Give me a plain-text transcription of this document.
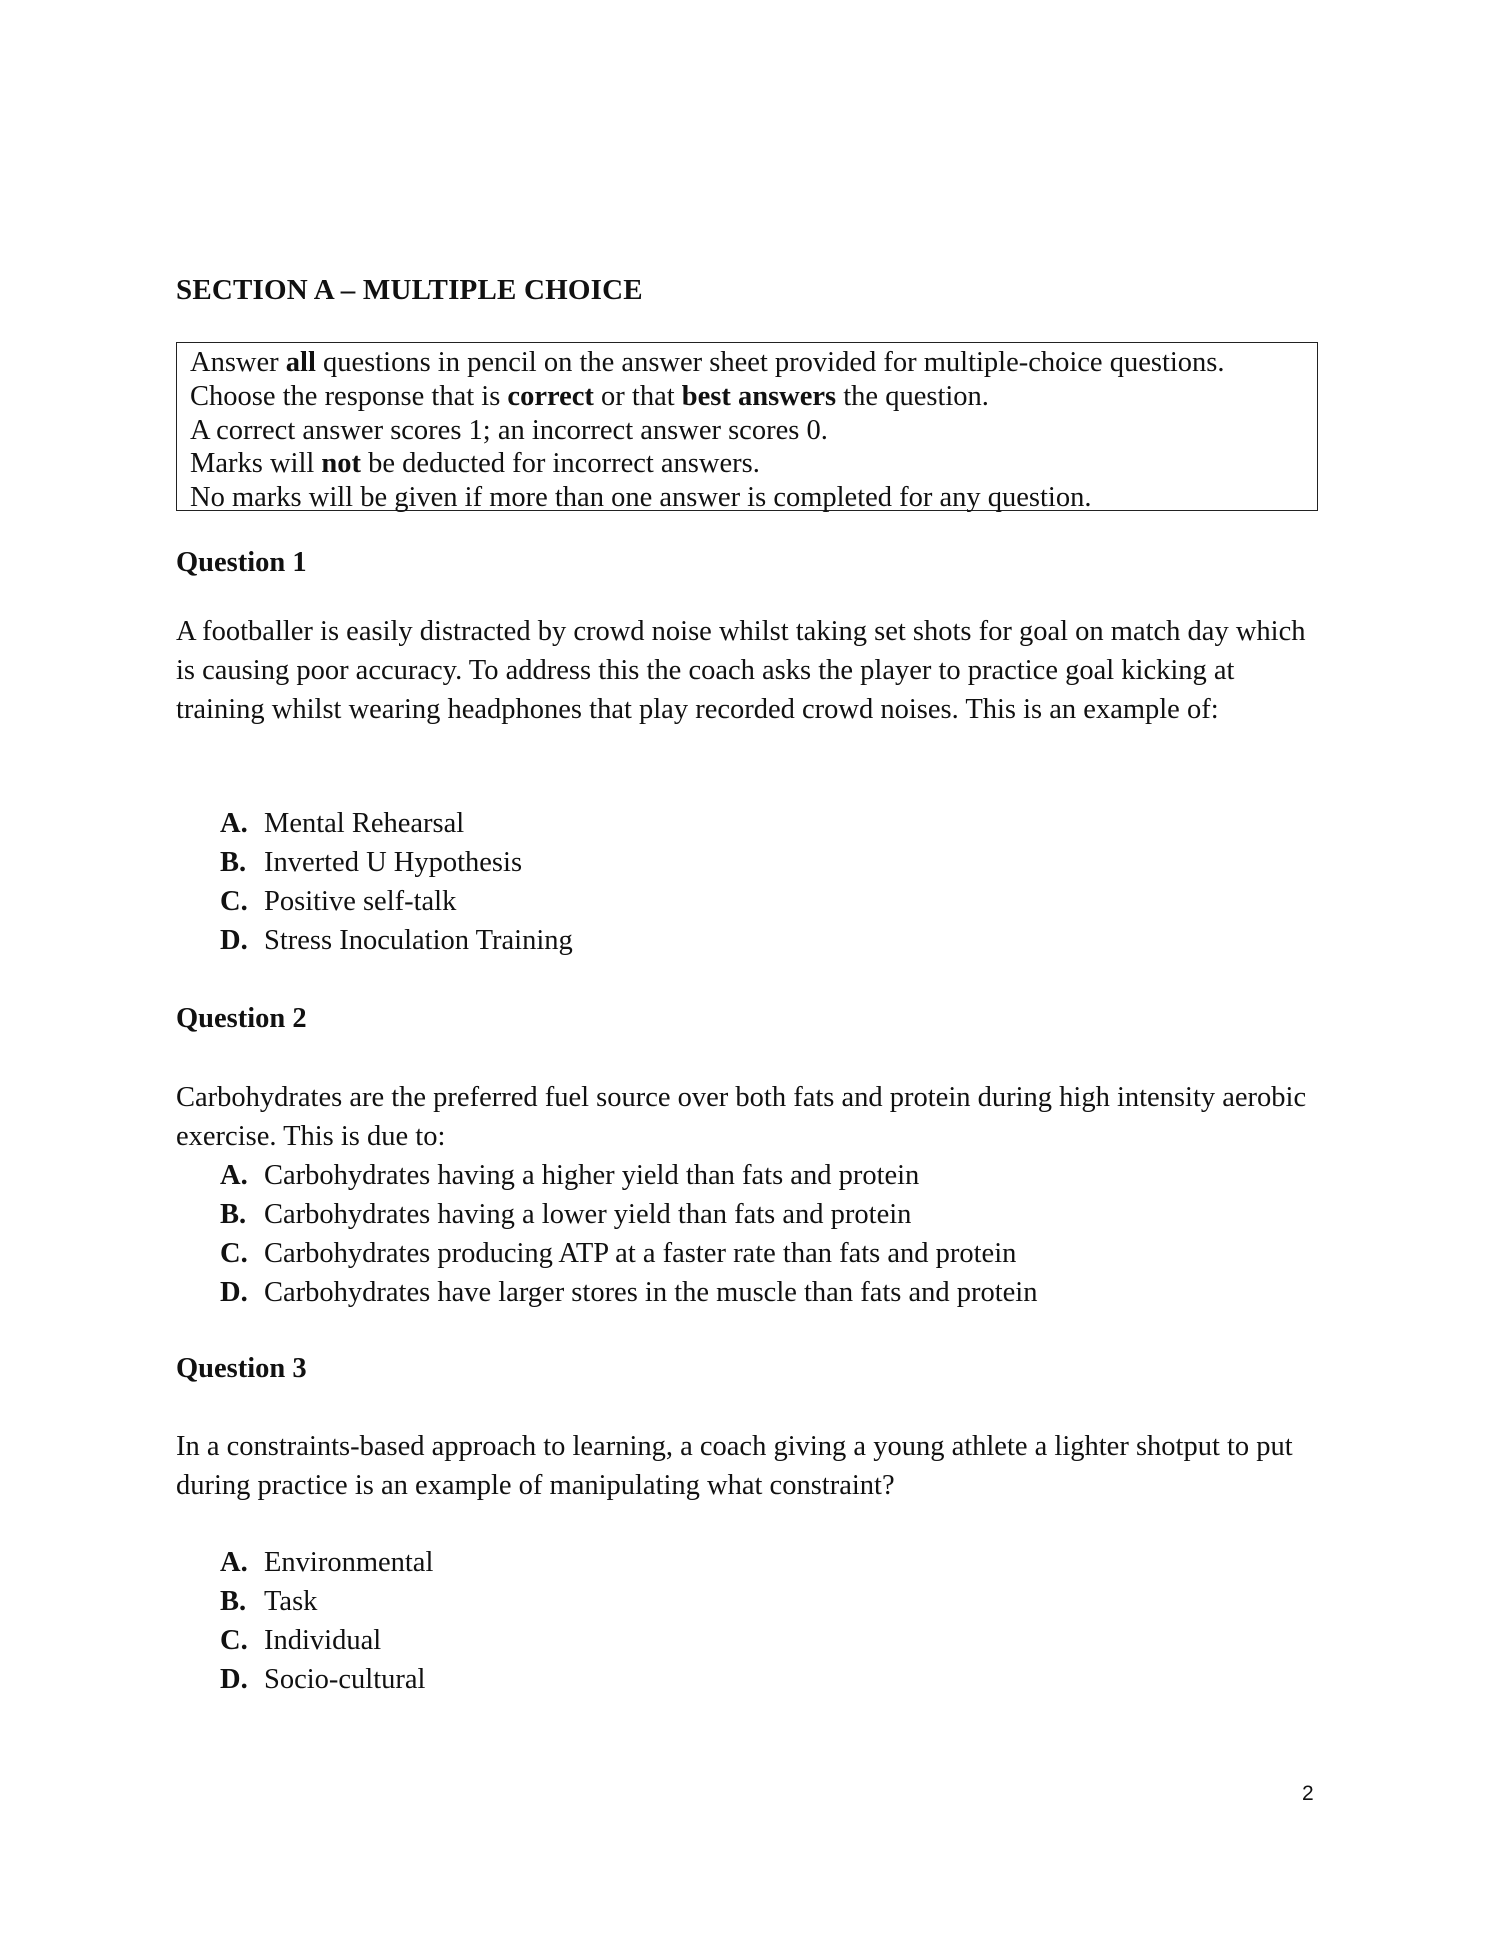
SECTION A – MULTIPLE CHOICE
Answer all questions in pencil on the answer sheet provided for multiple-choice questions.
Choose the response that is correct or that best answers the question.
A correct answer scores 1; an incorrect answer scores 0.
Marks will not be deducted for incorrect answers.
No marks will be given if more than one answer is completed for any question.
Question 1
A footballer is easily distracted by crowd noise whilst taking set shots for goal on match day which is causing poor accuracy. To address this the coach asks the player to practice goal kicking at training whilst wearing headphones that play recorded crowd noises. This is an example of:
A. Mental Rehearsal
B. Inverted U Hypothesis
C. Positive self-talk
D. Stress Inoculation Training
Question 2
Carbohydrates are the preferred fuel source over both fats and protein during high intensity aerobic exercise. This is due to:
A. Carbohydrates having a higher yield than fats and protein
B. Carbohydrates having a lower yield than fats and protein
C. Carbohydrates producing ATP at a faster rate than fats and protein
D. Carbohydrates have larger stores in the muscle than fats and protein
Question 3
In a constraints-based approach to learning, a coach giving a young athlete a lighter shotput to put during practice is an example of manipulating what constraint?
A. Environmental
B. Task
C. Individual
D. Socio-cultural
2
